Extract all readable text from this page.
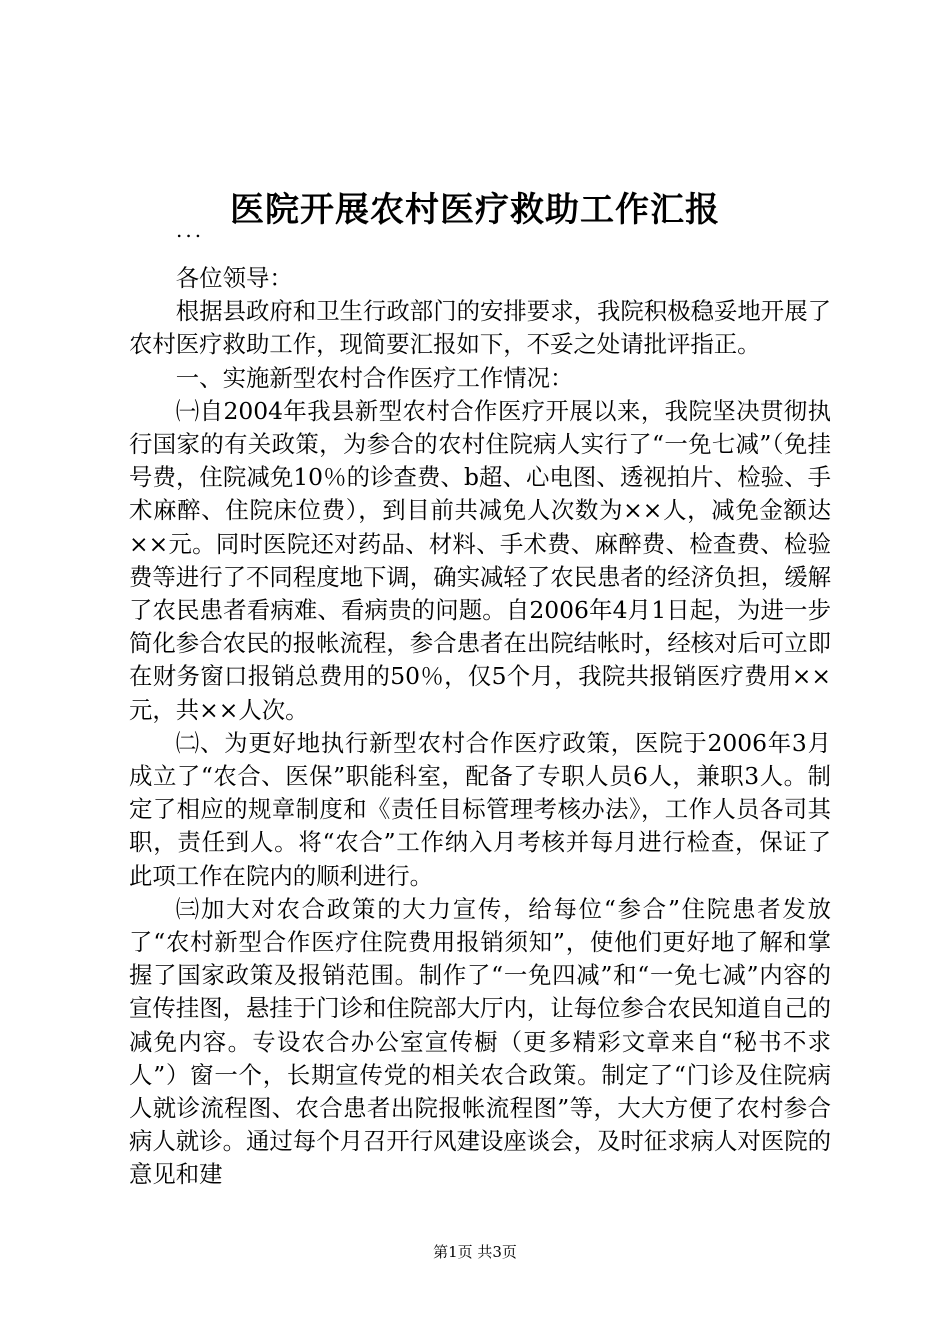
医院开展农村医疗救助工作汇报
...

各位领导：

根据县政府和卫生行政部门的安排要求，我院积极稳妥地开展了农村医疗救助工作，现简要汇报如下，不妥之处请批评指正。

一、实施新型农村合作医疗工作情况：

㈠自2004年我县新型农村合作医疗开展以来，我院坚决贯彻执行国家的有关政策，为参合的农村住院病人实行了“一免七减”（免挂号费，住院减免10％的诊查费、b超、心电图、透视拍片、检验、手术麻醉、住院床位费），到目前共减免人次数为××人，减免金额达××元。同时医院还对药品、材料、手术费、麻醉费、检查费、检验费等进行了不同程度地下调，确实减轻了农民患者的经济负担，缓解了农民患者看病难、看病贵的问题。自2006年4月1日起，为进一步简化参合农民的报帐流程，参合患者在出院结帐时，经核对后可立即在财务窗口报销总费用的50％，仅5个月，我院共报销医疗费用××元，共××人次。

㈡、为更好地执行新型农村合作医疗政策，医院于2006年3月成立了“农合、医保”职能科室，配备了专职人员6人，兼职3人。制定了相应的规章制度和《责任目标管理考核办法》，工作人员各司其职，责任到人。将“农合”工作纳入月考核并每月进行检查，保证了此项工作在院内的顺利进行。

㈢加大对农合政策的大力宣传，给每位“参合”住院患者发放了“农村新型合作医疗住院费用报销须知”，使他们更好地了解和掌握了国家政策及报销范围。制作了“一免四减”和“一免七减”内容的宣传挂图，悬挂于门诊和住院部大厅内，让每位参合农民知道自己的减免内容。专设农合办公室宣传橱（更多精彩文章来自“秘书不求人”）窗一个，长期宣传党的相关农合政策。制定了“门诊及住院病人就诊流程图、农合患者出院报帐流程图”等，大大方便了农村参合病人就诊。通过每个月召开行风建设座谈会，及时征求病人对医院的意见和建

第1页 共3页
